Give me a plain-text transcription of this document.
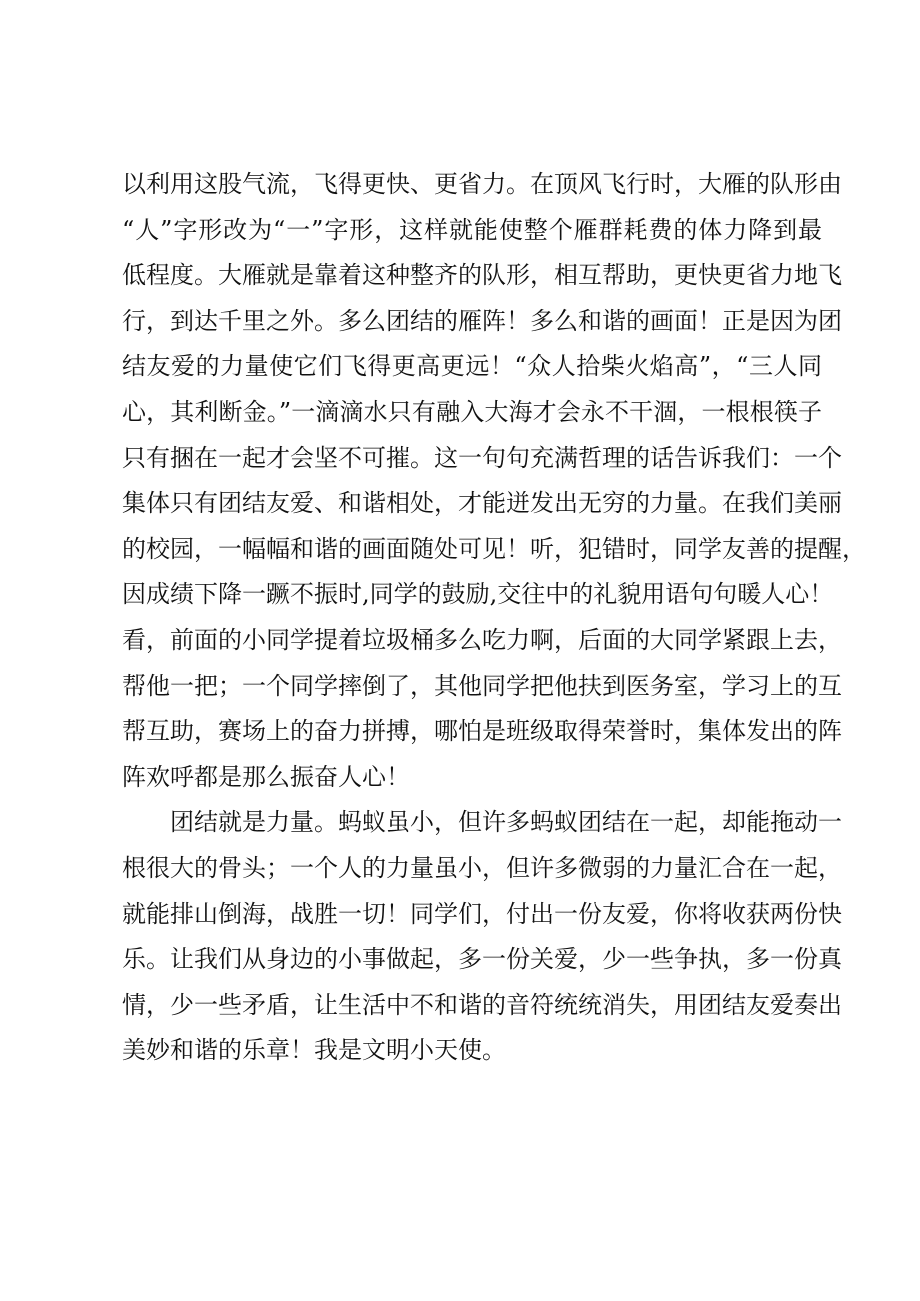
以利用这股气流，飞得更快、更省力。在顶风飞行时，大雁的队形由
“人”字形改为“一”字形，这样就能使整个雁群耗费的体力降到最
低程度。大雁就是靠着这种整齐的队形，相互帮助，更快更省力地飞
行，到达千里之外。多么团结的雁阵！多么和谐的画面！正是因为团
结友爱的力量使它们飞得更高更远！“众人拾柴火焰高”，“三人同
心，其利断金。”一滴滴水只有融入大海才会永不干涸，一根根筷子
只有捆在一起才会坚不可摧。这一句句充满哲理的话告诉我们：一个
集体只有团结友爱、和谐相处，才能迸发出无穷的力量。在我们美丽
的校园，一幅幅和谐的画面随处可见！听，犯错时，同学友善的提醒，
因成绩下降一蹶不振时,同学的鼓励,交往中的礼貌用语句句暖人心！
看，前面的小同学提着垃圾桶多么吃力啊，后面的大同学紧跟上去，
帮他一把；一个同学摔倒了，其他同学把他扶到医务室，学习上的互
帮互助，赛场上的奋力拼搏，哪怕是班级取得荣誉时，集体发出的阵
阵欢呼都是那么振奋人心！
团结就是力量。蚂蚁虽小，但许多蚂蚁团结在一起，却能拖动一
根很大的骨头；一个人的力量虽小，但许多微弱的力量汇合在一起，
就能排山倒海，战胜一切！同学们，付出一份友爱，你将收获两份快
乐。让我们从身边的小事做起，多一份关爱，少一些争执，多一份真
情，少一些矛盾，让生活中不和谐的音符统统消失，用团结友爱奏出
美妙和谐的乐章！我是文明小天使。
